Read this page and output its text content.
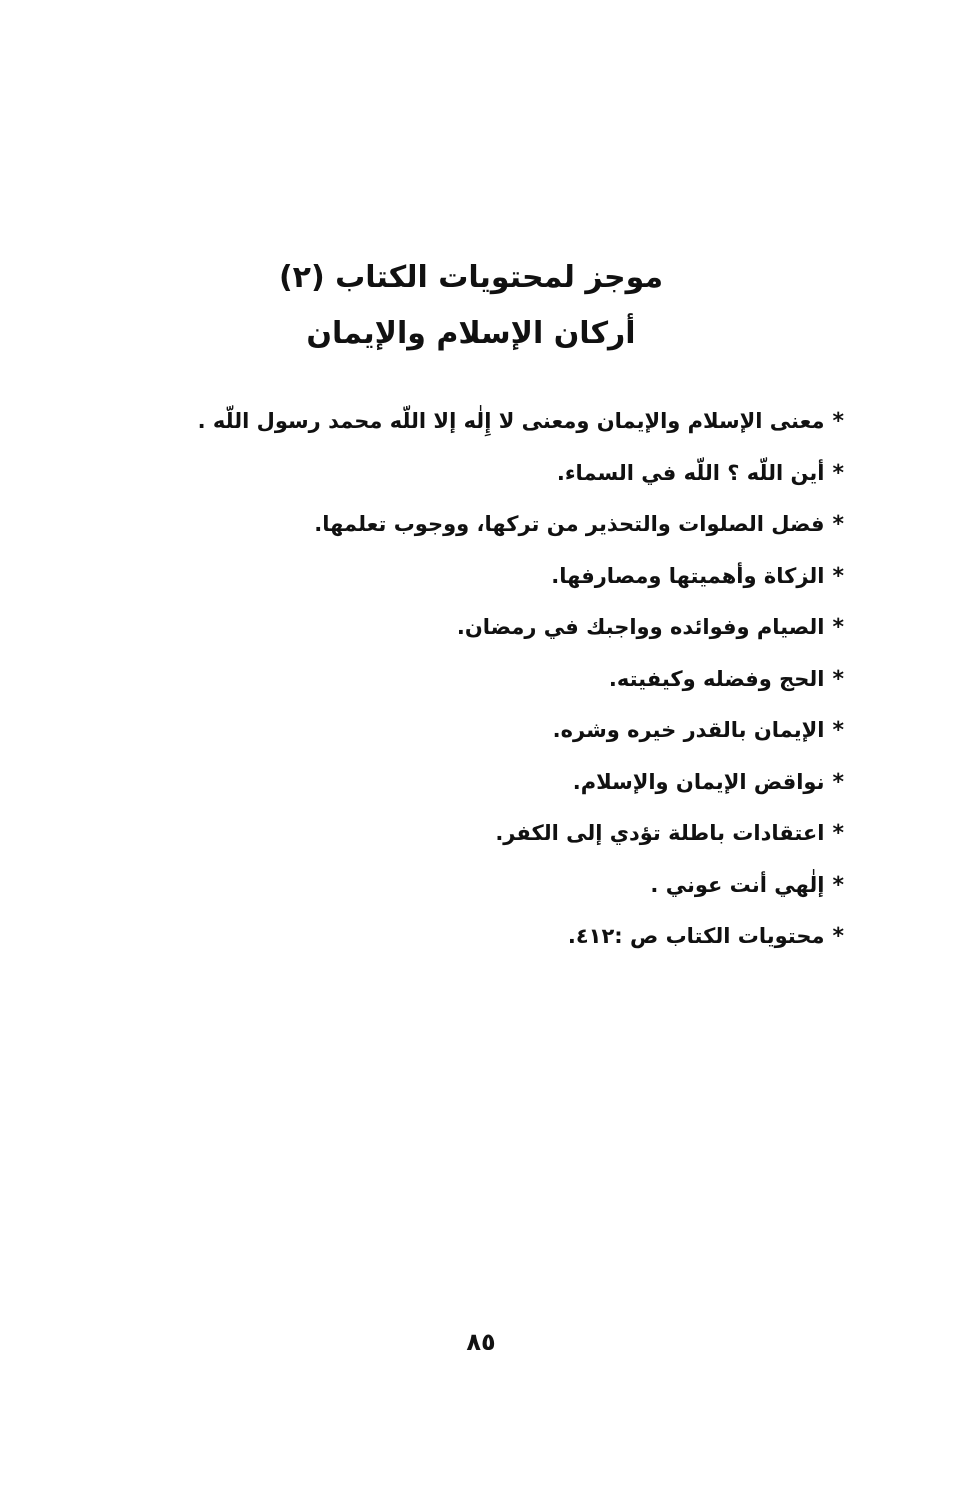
موجز لمحتويات الكتاب (٢)

أركان الإسلام والإيمان

*معنى الإسلام والإيمان ومعنى لا إِلٰه إلا اللّه محمد رسول اللّه .
*أين اللّه ؟ اللّه في السماء.
*فضل الصلوات والتحذير من تركها، ووجوب تعلمها.
*الزكاة وأهميتها ومصارفها.
*الصيام وفوائده وواجبك في رمضان.
*الحج وفضله وكيفيته.
*الإيمان بالقدر خيره وشره.
*نواقض الإيمان والإسلام.
*اعتقادات باطلة تؤدي إلى الكفر.
*إلٰهي أنت عوني .
*محتويات الكتاب ص :٤١٢.
٨٥
